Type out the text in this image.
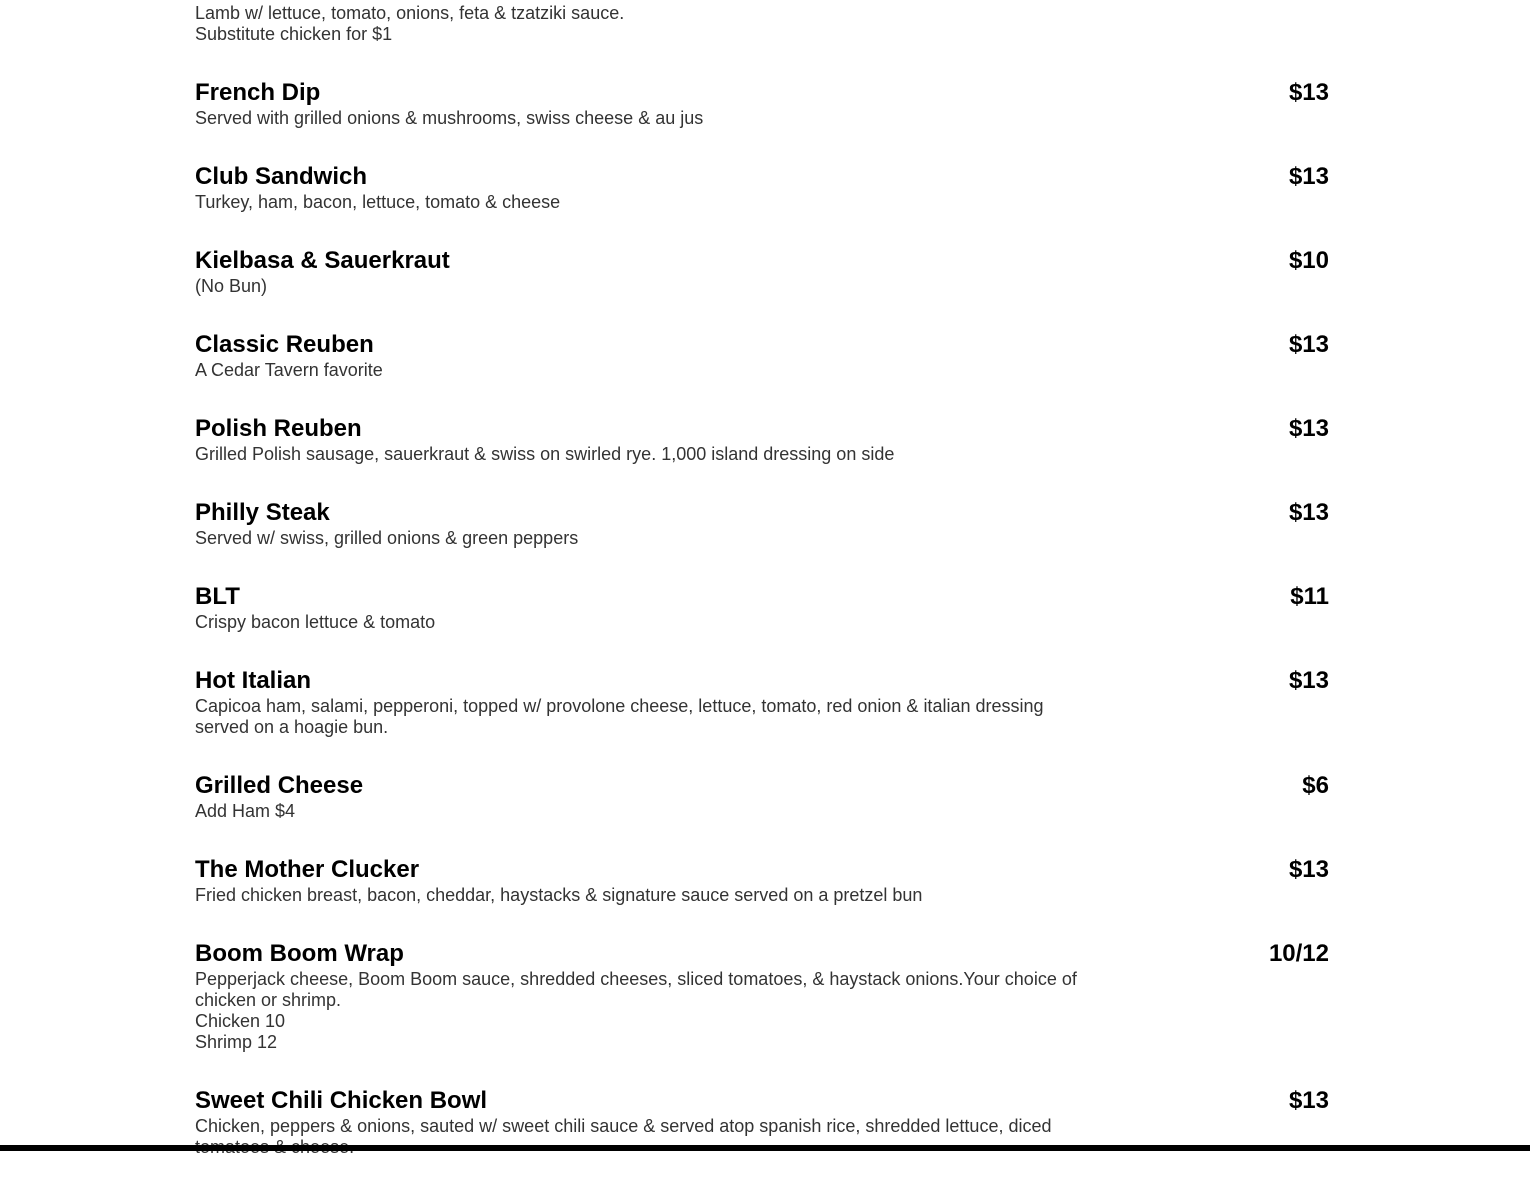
Lamb w/ lettuce, tomato, onions, feta & tzatziki sauce.
Substitute chicken for $1
French Dip	$13
Served with grilled onions & mushrooms, swiss cheese & au jus
Club Sandwich	$13
Turkey, ham, bacon, lettuce, tomato & cheese
Kielbasa & Sauerkraut	$10
(No Bun)
Classic Reuben	$13
A Cedar Tavern favorite
Polish Reuben	$13
Grilled Polish sausage, sauerkraut & swiss on swirled rye. 1,000 island dressing on side
Philly Steak	$13
Served w/ swiss, grilled onions & green peppers
BLT	$11
Crispy bacon lettuce & tomato
Hot Italian	$13
Capicoa ham, salami, pepperoni, topped w/ provolone cheese, lettuce, tomato, red onion & italian dressing
served on a hoagie bun.
Grilled Cheese	$6
Add Ham $4
The Mother Clucker	$13
Fried chicken breast, bacon, cheddar, haystacks & signature sauce served on a pretzel bun
Boom Boom Wrap	10/12
Pepperjack cheese, Boom Boom sauce, shredded cheeses, sliced tomatoes, & haystack onions.Your choice of
chicken or shrimp.
Chicken 10
Shrimp 12
Sweet Chili Chicken Bowl	$13
Chicken, peppers & onions, sauted w/ sweet chili sauce & served atop spanish rice, shredded lettuce, diced
